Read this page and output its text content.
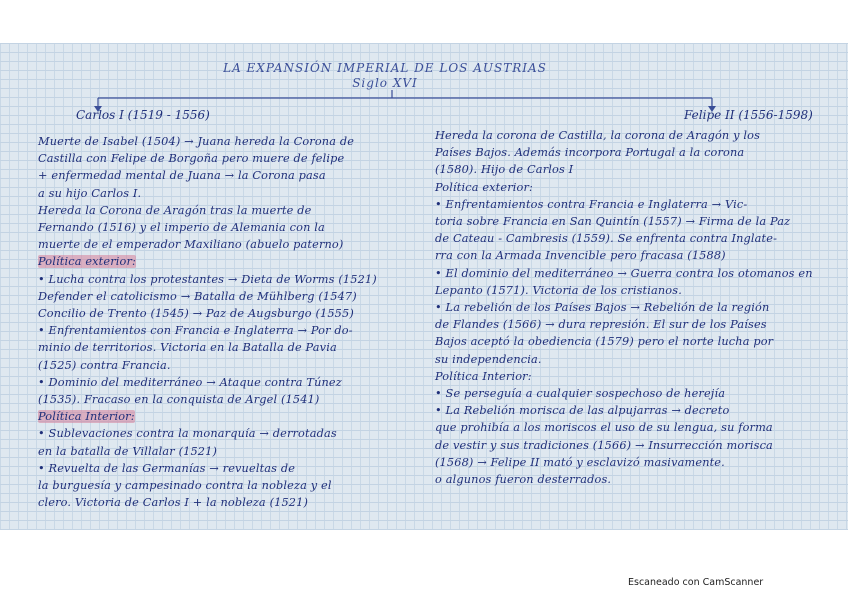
LA EXPANSIÓN IMPERIAL DE LOS AUSTRIAS
Siglo XVI
Carlos I (1519 - 1556)	Felipe II (1556-1598)
Muerte de Isabel (1504) → Juana hereda la Corona de
Castilla con Felipe de Borgoña pero muere de felipe
+ enfermedad mental de Juana → la Corona pasa
a su hijo Carlos I.
Hereda la Corona de Aragón tras la muerte de
Fernando (1516) y el imperio de Alemania con la
muerte de el emperador Maxiliano (abuelo paterno)
Política exterior:
• Lucha contra los protestantes → Dieta de Worms (1521)
Defender el catolicismo → Batalla de Mühlberg (1547)
Concilio de Trento (1545) → Paz de Augsburgo (1555)
• Enfrentamientos con Francia e Inglaterra → Por do-
minio de territorios. Victoria en la Batalla de Pavia
(1525) contra Francia.
• Dominio del mediterráneo → Ataque contra Túnez
(1535). Fracaso en la conquista de Argel (1541)
Política Interior:
• Sublevaciones contra la monarquía → derrotadas
en la batalla de Villalar (1521)
• Revuelta de las Germanías → revueltas de
la burguesía y campesinado contra la nobleza y el
clero. Victoria de Carlos I + la nobleza (1521)
Hereda la corona de Castilla, la corona de Aragón y los
Países Bajos. Además incorpora Portugal a la corona
(1580). Hijo de Carlos I
Política exterior:
• Enfrentamientos contra Francia e Inglaterra → Vic-
toria sobre Francia en San Quintín (1557) → Firma de la Paz
de Cateau - Cambresis (1559). Se enfrenta contra Inglate-
rra con la Armada Invencible pero fracasa (1588)
• El dominio del mediterráneo → Guerra contra los otomanos en
Lepanto (1571). Victoria de los cristianos.
• La rebelión de los Países Bajos → Rebelión de la región
de Flandes (1566) → dura represión. El sur de los Países
Bajos aceptó la obediencia (1579) pero el norte lucha por
su independencia.
Política Interior:
• Se perseguía a cualquier sospechoso de herejía
• La Rebelión morisca de las alpujarras → decreto
que prohibía a los moriscos el uso de su lengua, su forma
de vestir y sus tradiciones (1566) → Insurrección morisca
(1568) → Felipe II mató y esclavizó masivamente.
o algunos fueron desterrados.
Escaneado con CamScanner
